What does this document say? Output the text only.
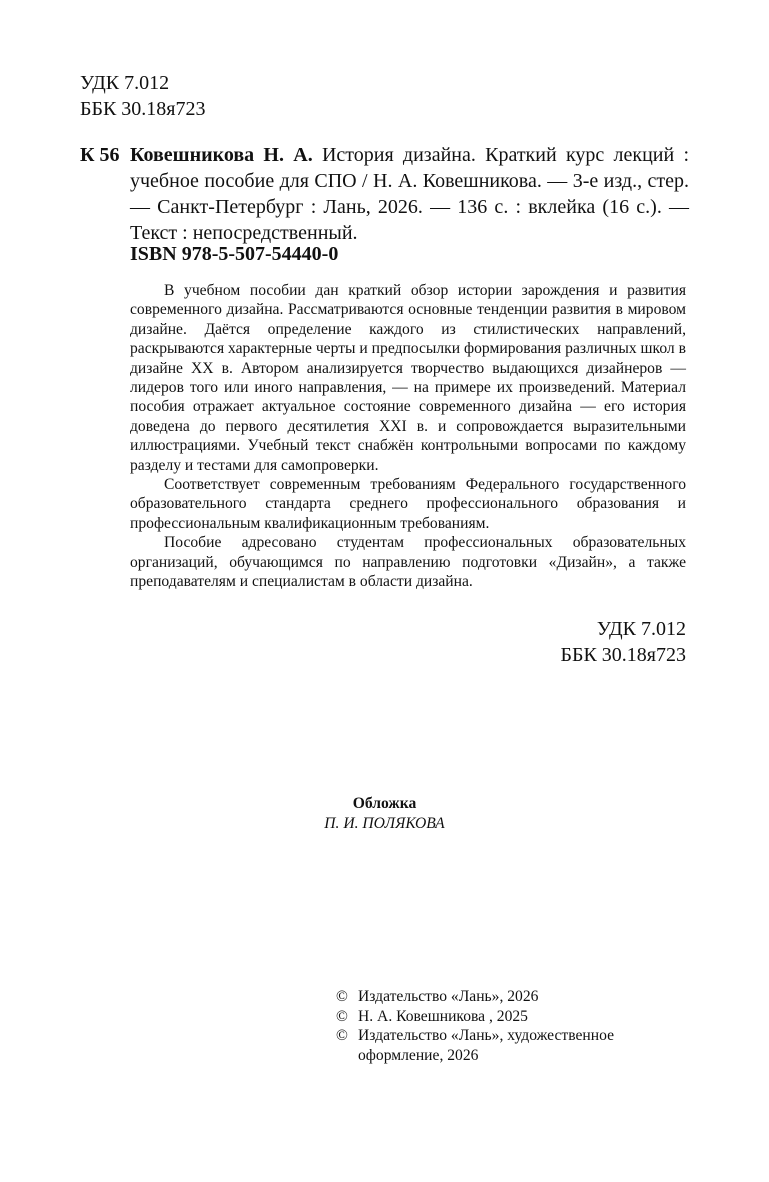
УДК 7.012
ББК 30.18я723
К 56 Ковешникова Н. А. История дизайна. Краткий курс лекций : учебное пособие для СПО / Н. А. Ковешникова. — 3-е изд., стер. — Санкт-Петербург : Лань, 2026. — 136 с. : вклейка (16 с.). — Текст : непосредственный.
ISBN 978-5-507-54440-0

В учебном пособии дан краткий обзор истории зарождения и развития современного дизайна. Рассматриваются основные тенденции развития в мировом дизайне. Даётся определение каждого из стилистических направлений, раскрываются характерные черты и предпосылки формирования различных школ в дизайне XX в. Автором анализируется творчество выдающихся дизайнеров — лидеров того или иного направления, — на примере их произведений. Материал пособия отражает актуальное состояние современного дизайна — его история доведена до первого десятилетия XXI в. и сопровождается выразительными иллюстрациями. Учебный текст снабжён контрольными вопросами по каждому разделу и тестами для самопроверки.

Соответствует современным требованиям Федерального государственного образовательного стандарта среднего профессионального образования и профессиональным квалификационным требованиям.

Пособие адресовано студентам профессиональных образовательных организаций, обучающимся по направлению подготовки «Дизайн», а также преподавателям и специалистам в области дизайна.

УДК 7.012
ББК 30.18я723
Обложка
П. И. ПОЛЯКОВА
© Издательство «Лань», 2026
© Н. А. Ковешникова , 2025
© Издательство «Лань», художественное
оформление, 2026
